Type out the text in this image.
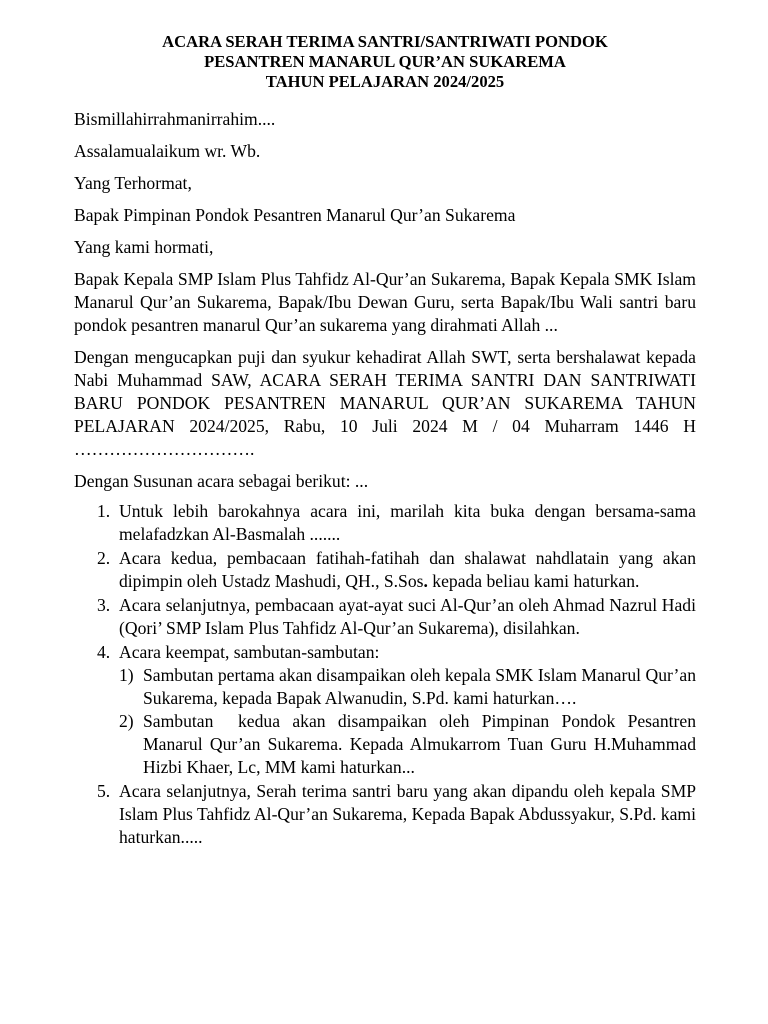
ACARA SERAH TERIMA SANTRI/SANTRIWATI PONDOK
PESANTREN MANARUL QUR’AN SUKAREMA
TAHUN PELAJARAN 2024/2025

Bismillahirrahmanirrahim....

Assalamualaikum wr. Wb.

Yang Terhormat,

Bapak Pimpinan Pondok Pesantren Manarul Qur’an Sukarema

Yang kami hormati,

Bapak Kepala SMP Islam Plus Tahfidz Al-Qur’an Sukarema, Bapak Kepala SMK Islam Manarul Qur’an Sukarema, Bapak/Ibu Dewan Guru, serta Bapak/Ibu Wali santri baru pondok pesantren manarul Qur’an sukarema yang dirahmati Allah ...

Dengan mengucapkan puji dan syukur kehadirat Allah SWT, serta bershalawat kepada Nabi Muhammad SAW, ACARA SERAH TERIMA SANTRI DAN SANTRIWATI BARU PONDOK PESANTREN MANARUL QUR’AN SUKAREMA TAHUN PELAJARAN 2024/2025, Rabu, 10 Juli 2024 M / 04 Muharram 1446 H ………………………….

Dengan Susunan acara sebagai berikut: ...

1. Untuk lebih barokahnya acara ini, marilah kita buka dengan bersama-sama melafadzkan Al-Basmalah .......
2. Acara kedua, pembacaan fatihah-fatihah dan shalawat nahdlatain yang akan dipimpin oleh Ustadz Mashudi, QH., S.Sos. kepada beliau kami haturkan.
3. Acara selanjutnya, pembacaan ayat-ayat suci Al-Qur’an oleh Ahmad Nazrul Hadi (Qori’ SMP Islam Plus Tahfidz Al-Qur’an Sukarema), disilahkan.
4. Acara keempat, sambutan-sambutan:
1) Sambutan pertama akan disampaikan oleh kepala SMK Islam Manarul Qur’an Sukarema, kepada Bapak Alwanudin, S.Pd. kami haturkan….
2) Sambutan  kedua akan disampaikan oleh Pimpinan Pondok Pesantren Manarul Qur’an Sukarema. Kepada Almukarrom Tuan Guru H.Muhammad Hizbi Khaer, Lc, MM kami haturkan...
5. Acara selanjutnya, Serah terima santri baru yang akan dipandu oleh kepala SMP Islam Plus Tahfidz Al-Qur’an Sukarema, Kepada Bapak Abdussyakur, S.Pd. kami haturkan.....
